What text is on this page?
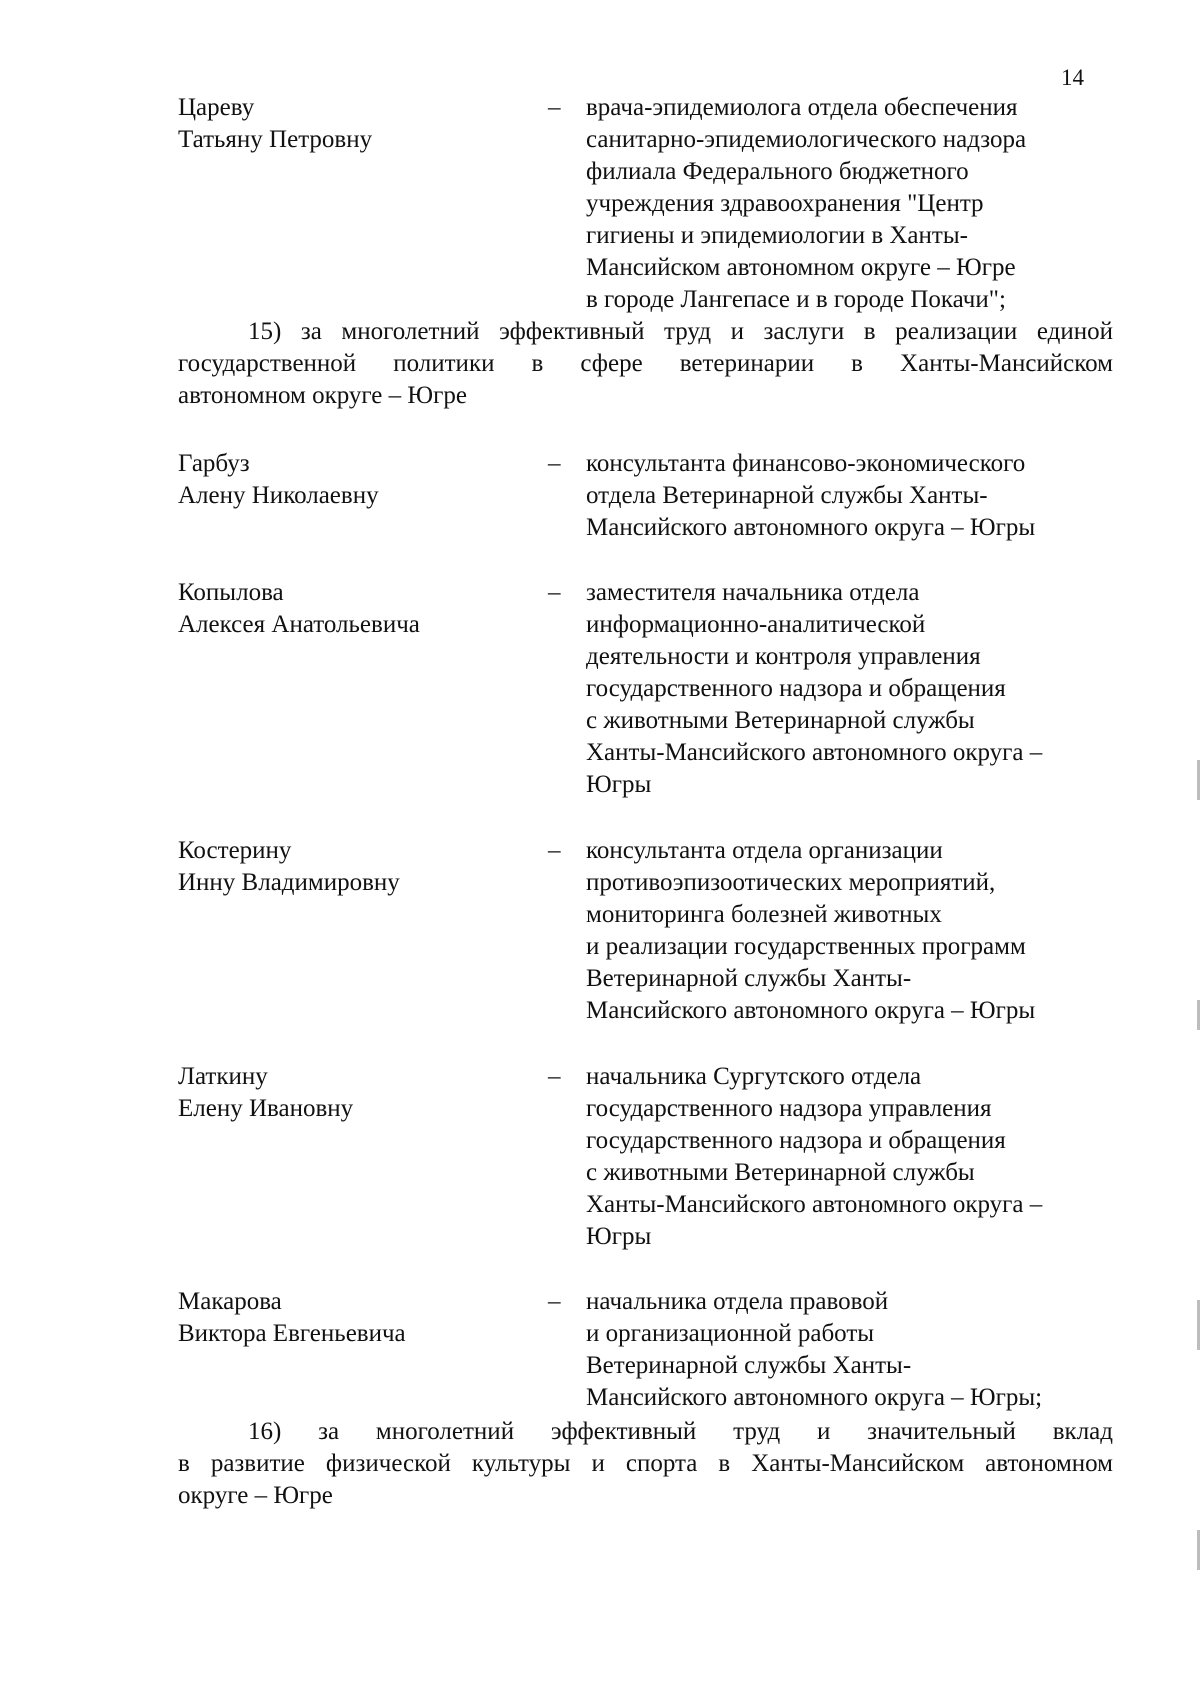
14
Цареву
Татьяну Петровну
– врача-эпидемиолога отдела обеспечения
санитарно-эпидемиологического надзора
филиала Федерального бюджетного
учреждения здравоохранения "Центр
гигиены и эпидемиологии в Ханты-
Мансийском автономном округе – Югре
в городе Лангепасе и в городе Покачи";
15) за многолетний эффективный труд и заслуги в реализации единой
государственной политики в сфере ветеринарии в Ханты-Мансийском
автономном округе – Югре
Гарбуз
Алену Николаевну
– консультанта финансово-экономического
отдела Ветеринарной службы Ханты-
Мансийского автономного округа – Югры
Копылова
Алексея Анатольевича
– заместителя начальника отдела
информационно-аналитической
деятельности и контроля управления
государственного надзора и обращения
с животными Ветеринарной службы
Ханты-Мансийского автономного округа –
Югры
Костерину
Инну Владимировну
– консультанта отдела организации
противоэпизоотических мероприятий,
мониторинга болезней животных
и реализации государственных программ
Ветеринарной службы Ханты-
Мансийского автономного округа – Югры
Латкину
Елену Ивановну
– начальника Сургутского отдела
государственного надзора управления
государственного надзора и обращения
с животными Ветеринарной службы
Ханты-Мансийского автономного округа –
Югры
Макарова
Виктора Евгеньевича
– начальника отдела правовой
и организационной работы
Ветеринарной службы Ханты-
Мансийского автономного округа – Югры;
16) за многолетний эффективный труд и значительный вклад
в развитие физической культуры и спорта в Ханты-Мансийском автономном
округе – Югре
